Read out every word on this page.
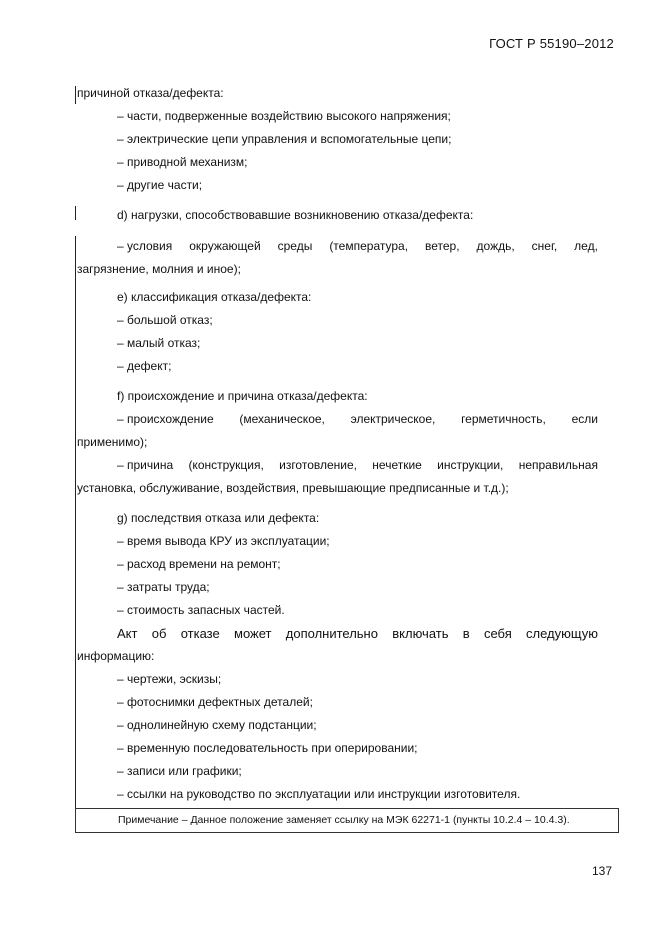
ГОСТ Р 55190–2012
причиной отказа/дефекта:
– части, подверженные воздействию высокого напряжения;
– электрические цепи управления и вспомогательные цепи;
– приводной механизм;
– другие части;
d) нагрузки, способствовавшие возникновению отказа/дефекта:
– условия окружающей среды (температура, ветер, дождь, снег, лед,
загрязнение, молния и иное);
e) классификация отказа/дефекта:
– большой отказ;
– малый отказ;
– дефект;
f) происхождение и причина отказа/дефекта:
– происхождение (механическое, электрическое, герметичность, если
применимо);
– причина (конструкция, изготовление, нечеткие инструкции, неправильная
установка, обслуживание, воздействия, превышающие предписанные и т.д.);
g) последствия отказа или дефекта:
– время вывода КРУ из эксплуатации;
– расход времени на ремонт;
– затраты труда;
– стоимость запасных частей.
Акт об отказе может дополнительно включать в себя следующую
информацию:
– чертежи, эскизы;
– фотоснимки дефектных деталей;
– однолинейную схему подстанции;
– временную последовательность при оперировании;
– записи или графики;
– ссылки на руководство по эксплуатации или инструкции изготовителя.
Примечание – Данное положение заменяет ссылку на МЭК 62271-1 (пункты 10.2.4 – 10.4.3).
137
